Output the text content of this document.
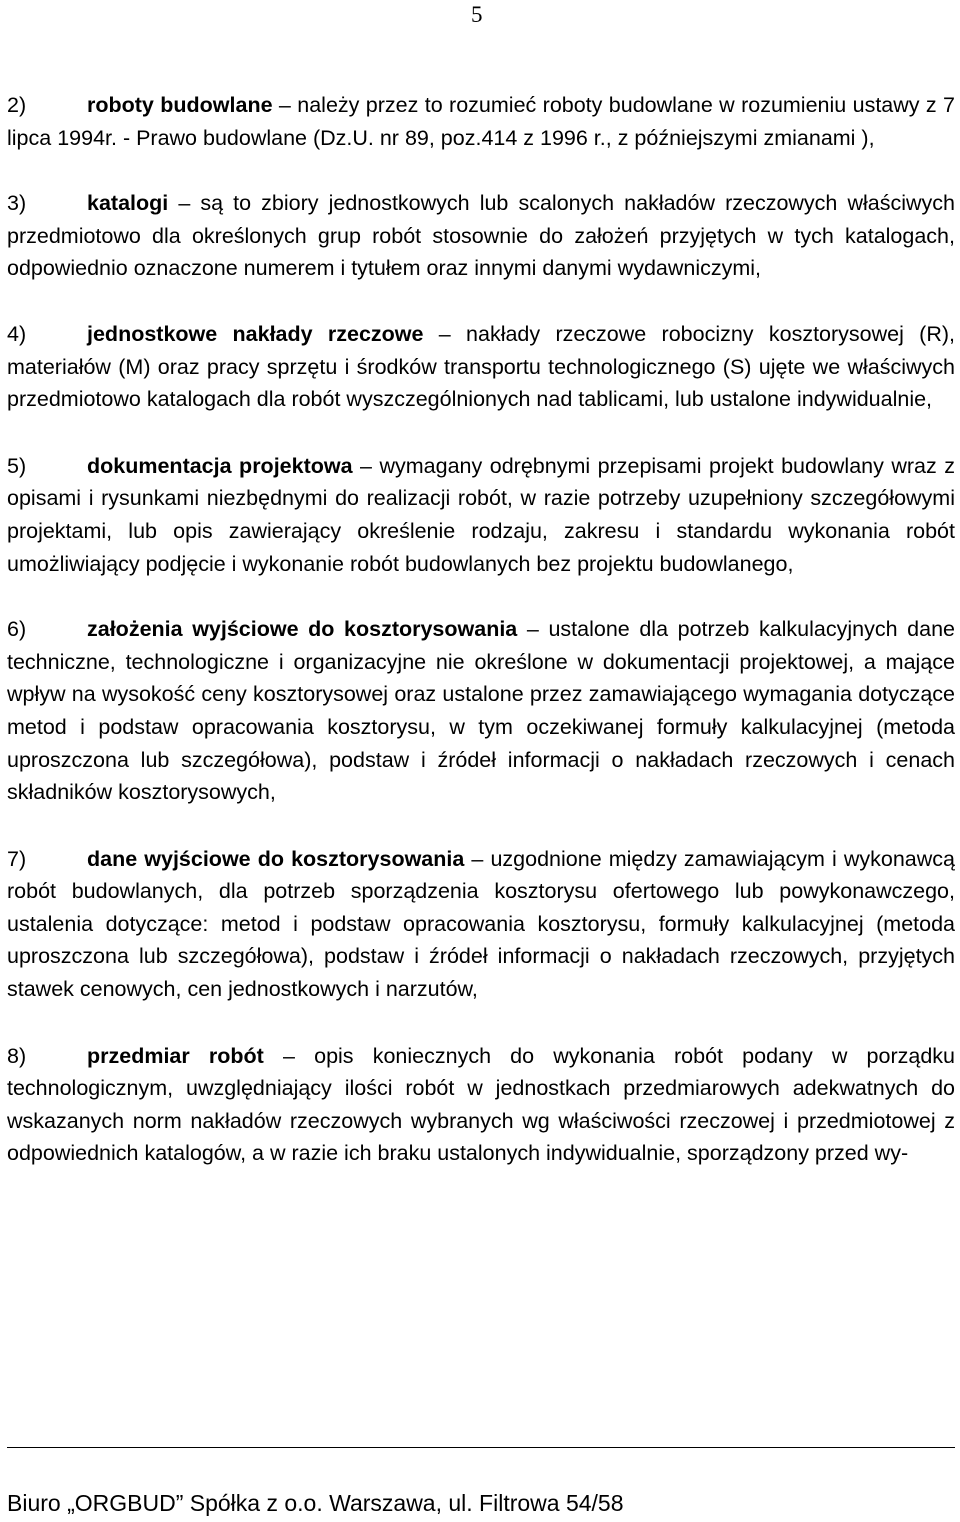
5

2)	roboty budowlane – należy przez to rozumieć roboty budowlane w rozumieniu ustawy z 7 lipca 1994r. - Prawo budowlane (Dz.U. nr 89, poz.414 z 1996 r., z późniejszymi zmianami ),

3)	katalogi – są to zbiory jednostkowych lub scalonych nakładów rzeczowych właściwych przedmiotowo dla określonych grup robót stosownie do założeń przyjętych w tych katalogach, odpowiednio oznaczone numerem i tytułem oraz innymi danymi wydawniczymi,

4)	jednostkowe nakłady rzeczowe – nakłady rzeczowe robocizny kosztorysowej (R), materiałów (M) oraz pracy sprzętu i środków transportu technologicznego (S) ujęte we właściwych przedmiotowo katalogach dla robót wyszczególnionych nad tablicami, lub ustalone indywidualnie,

5)	dokumentacja projektowa – wymagany odrębnymi przepisami projekt budowlany wraz z opisami i rysunkami niezbędnymi do realizacji robót, w razie potrzeby uzupełniony szczegółowymi projektami, lub opis zawierający określenie rodzaju, zakresu i standardu wykonania robót umożliwiający podjęcie i wykonanie robót budowlanych bez projektu budowlanego,

6)	założenia wyjściowe do kosztorysowania – ustalone dla potrzeb kalkulacyjnych dane techniczne, technologiczne i organizacyjne nie określone w dokumentacji projektowej, a mające wpływ na wysokość ceny kosztorysowej oraz ustalone przez zamawiającego wymagania dotyczące metod i podstaw opracowania kosztorysu, w tym oczekiwanej formuły kalkulacyjnej (metoda uproszczona lub szczegółowa), podstaw i źródeł informacji o nakładach rzeczowych i cenach składników kosztorysowych,

7)	dane wyjściowe do kosztorysowania – uzgodnione między zamawiającym i wykonawcą robót budowlanych, dla potrzeb sporządzenia kosztorysu ofertowego lub powykonawczego, ustalenia dotyczące: metod i podstaw opracowania kosztorysu, formuły kalkulacyjnej (metoda uproszczona lub szczegółowa), podstaw i źródeł informacji o nakładach rzeczowych, przyjętych stawek cenowych, cen jednostkowych i narzutów,

8)	przedmiar robót – opis koniecznych do wykonania robót podany w porządku technologicznym, uwzględniający ilości robót w jednostkach przedmiarowych adekwatnych do wskazanych norm nakładów rzeczowych wybranych wg właściwości rzeczowej i przedmiotowej z odpowiednich katalogów, a w razie ich braku ustalonych indywidualnie, sporządzony przed wy-

Biuro „ORGBUD” Spółka z o.o. Warszawa, ul. Filtrowa 54/58
